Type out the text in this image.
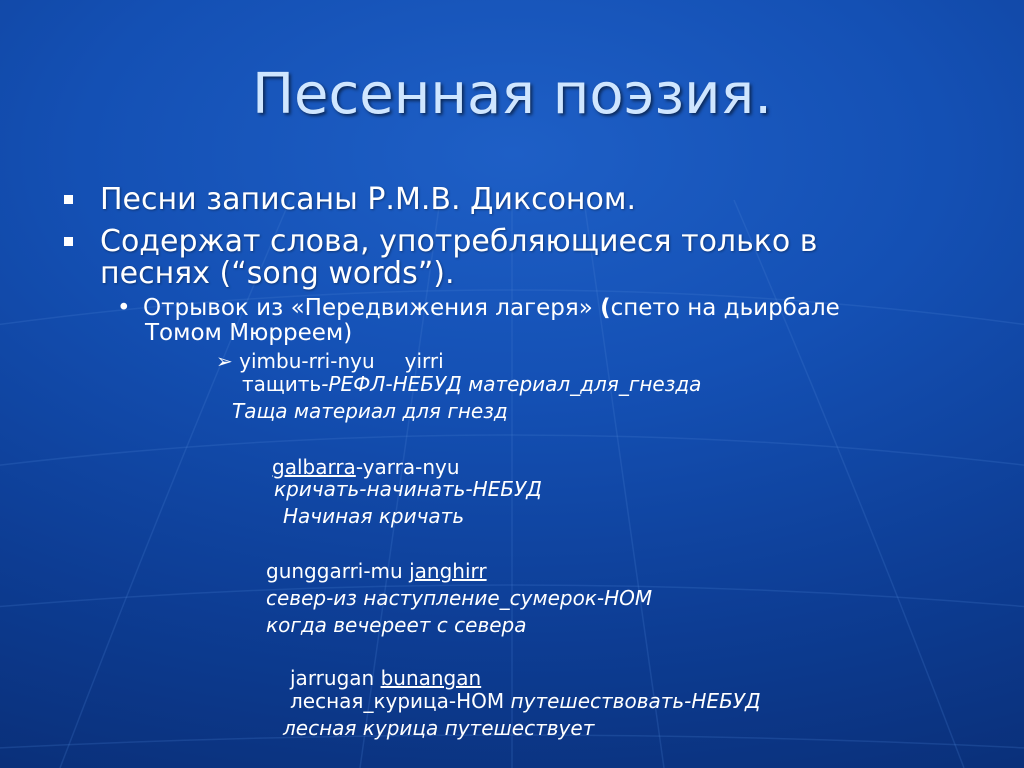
Песенная поэзия.
Песни записаны Р.М.В. Диксоном.
Содержат слова, употребляющиеся только в
песнях (“song words”).
• Отрывок из «Передвижения лагеря» (спето на дьирбале
Томом Мюрреем)
➢ yimbu-rri-nyu yirri
тащить-РЕФЛ-НЕБУД материал_для_гнезда
Таща материал для гнезд
galbarra-yarra-nyu
кричать-начинать-НЕБУД
Начиная кричать
gunggarri-mu janghirr
север-из наступление_сумерок-НОМ
когда вечереет с севера
jarrugan bunangan
лесная_курица-НОМ путешествовать-НЕБУД
лесная курица путешествует
